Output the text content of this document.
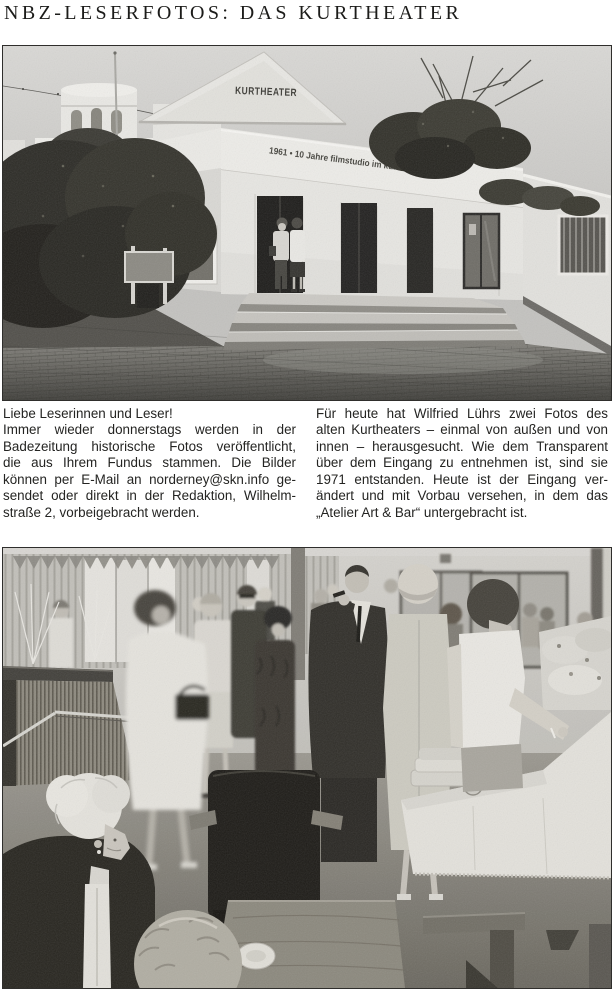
NBZ-LESERFOTOS: DAS KURTHEATER
Liebe Leserinnen und Leser!
Immer wieder donnerstags werden in der
Badezeitung historische Fotos veröffentlicht,
die aus Ihrem Fundus stammen. Die Bilder
können per E-Mail an norderney@skn.info ge-
sendet oder direkt in der Redaktion, Wilhelm-
straße 2, vorbeigebracht werden.
Für heute hat Wilfried Lührs zwei Fotos des
alten Kurtheaters – einmal von außen und von
innen – herausgesucht. Wie dem Transparent
über dem Eingang zu entnehmen ist, sind sie
1971 entstanden. Heute ist der Eingang ver-
ändert und mit Vorbau versehen, in dem das
„Atelier Art & Bar“ untergebracht ist.
